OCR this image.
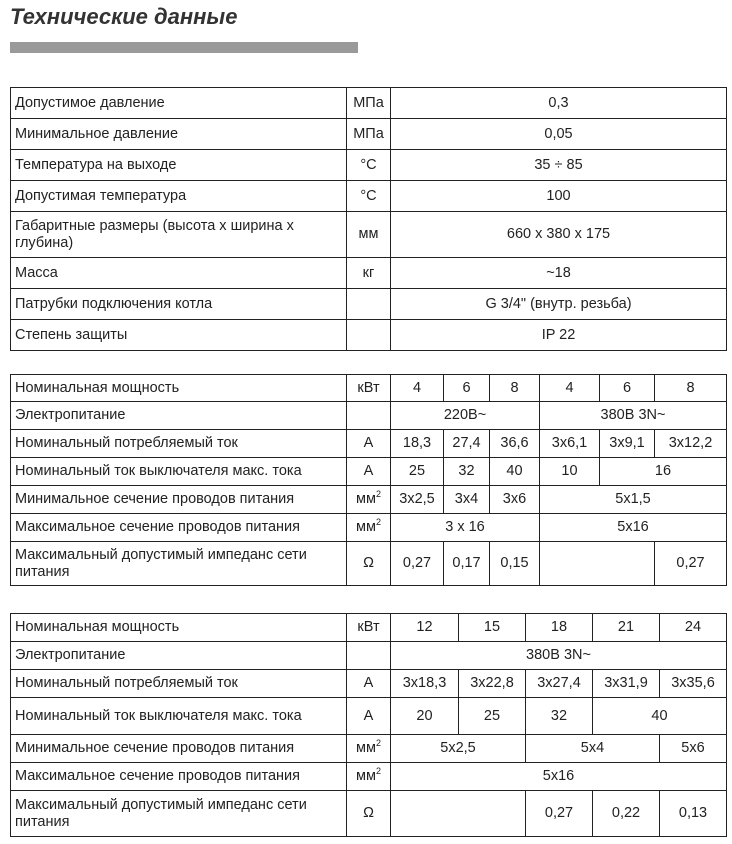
Технические данные
Допустимое давление	МПа	0,3
Минимальное давление	МПа	0,05
Температура на выходе	°С	35 ÷ 85
Допустимая температура	°С	100
Габаритные размеры (высота х ширина х глубина)	мм	660 х 380 х 175
Масса	кг	~18
Патрубки подключения котла		G 3/4" (внутр. резьба)
Степень защиты		IP 22
Номинальная мощность	кВт	4	6	8	4	6	8
Электропитание		220В~			380В 3N~		
Номинальный потребляемый ток	А	18,3	27,4	36,6	3х6,1	3х9,1	3х12,2
Номинальный ток выключателя макс. тока	А	25	32	40	10	16	
Минимальное сечение проводов питания	$мм^2$	3х2,5	3х4	3х6	5х1,5		
Максимальное сечение проводов питания	$мм^2$	3 х 16			5х16		
Максимальный допустимый импеданс сети питания	Ω	0,27	0,17	0,15			0,27
Номинальная мощность	кВт	12	15	18	21	24
Электропитание		380В 3N~				
Номинальный потребляемый ток	А	3х18,3	3х22,8	3х27,4	3х31,9	3х35,6
Номинальный ток выключателя макс. тока	А	20	25	32	40	
Минимальное сечение проводов питания	$мм^2$	5х2,5		5х4		5х6
Максимальное сечение проводов питания	$мм^2$	5х16				
Максимальный допустимый импеданс сети питания	Ω			0,27	0,22	0,13
